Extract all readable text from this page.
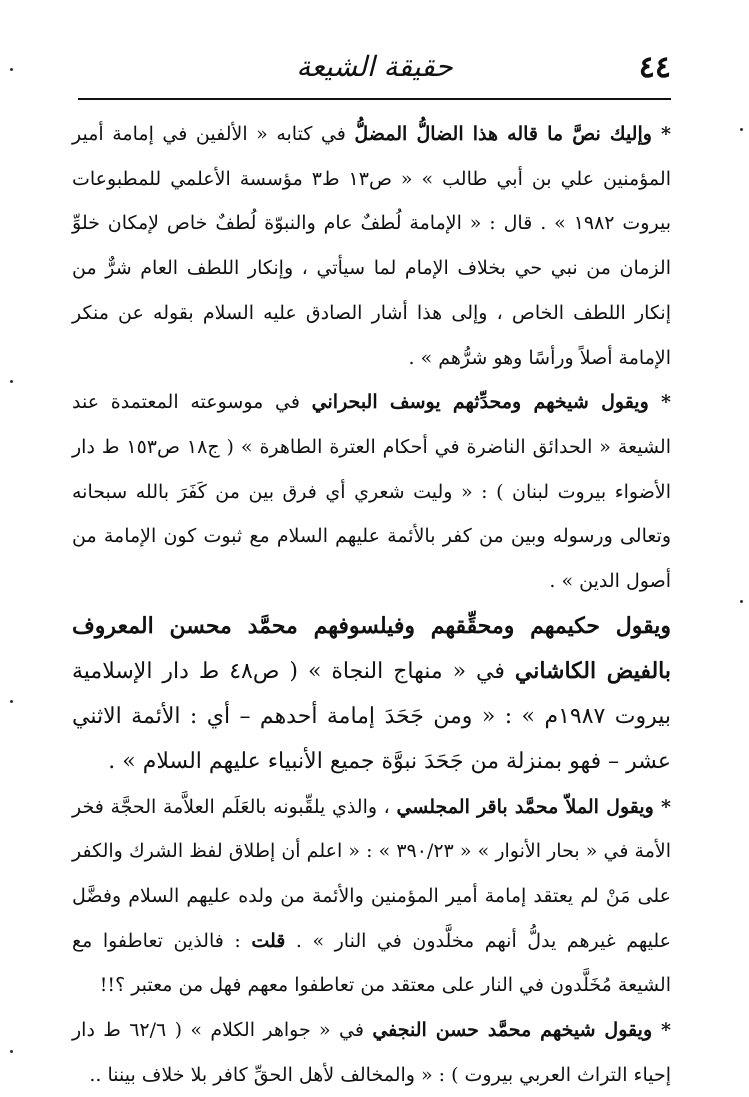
٤٤
حقيقة الشيعة

* وإليك نصَّ ما قاله هذا الضالُّ المضلُّ في كتابه « الألفين في إمامة أمير المؤمنين علي بن أبي طالب » « ص١٣ ط٣ مؤسسة الأعلمي للمطبوعات بيروت ١٩٨٢ » . قال : « الإمامة لُطفٌ عام والنبوّة لُطفٌ خاص لإمكان خلوِّ الزمان من نبي حي بخلاف الإمام لما سيأتي ، وإنكار اللطف العام شرٌّ من إنكار اللطف الخاص ، وإلى هذا أشار الصادق عليه السلام بقوله عن منكر الإمامة أصلاً ورأسًا وهو شرُّهم » .

* ويقول شيخهم ومحدِّثهم يوسف البحراني في موسوعته المعتمدة عند الشيعة « الحدائق الناضرة في أحكام العترة الطاهرة » ( ج١٨ ص١٥٣ ط دار الأضواء بيروت لبنان ) : « وليت شعري أي فرق بين من كَفَرَ بالله سبحانه وتعالى ورسوله وبين من كفر بالأئمة عليهم السلام مع ثبوت كون الإمامة من أصول الدين » .

ويقول حكيمهم ومحقِّقهم وفيلسوفهم محمَّد محسن المعروف بالفيض الكاشاني في « منهاج النجاة » ( ص٤٨ ط دار الإسلامية بيروت ١٩٨٧م » : « ومن جَحَدَ إمامة أحدهم – أي : الأئمة الاثني عشر – فهو بمنزلة من جَحَدَ نبوَّة جميع الأنبياء عليهم السلام » .

* ويقول الملاّ محمَّد باقر المجلسي ، والذي يلقِّبونه بالعَلَم العلاَّمة الحجَّة فخر الأمة في « بحار الأنوار » « ٣٩٠/٢٣ » : « اعلم أن إطلاق لفظ الشرك والكفر على مَنْ لم يعتقد إمامة أمير المؤمنين والأئمة من ولده عليهم السلام وفضَّل عليهم غيرهم يدلُّ أنهم مخلَّدون في النار » . قلت : فالذين تعاطفوا مع الشيعة مُخَلَّدون في النار على معتقد من تعاطفوا معهم فهل من معتبر ؟!!

* ويقول شيخهم محمَّد حسن النجفي في « جواهر الكلام » ( ٦٢/٦ ط دار إحياء التراث العربي بيروت ) : « والمخالف لأهل الحقِّ كافر بلا خلاف بيننا ..
